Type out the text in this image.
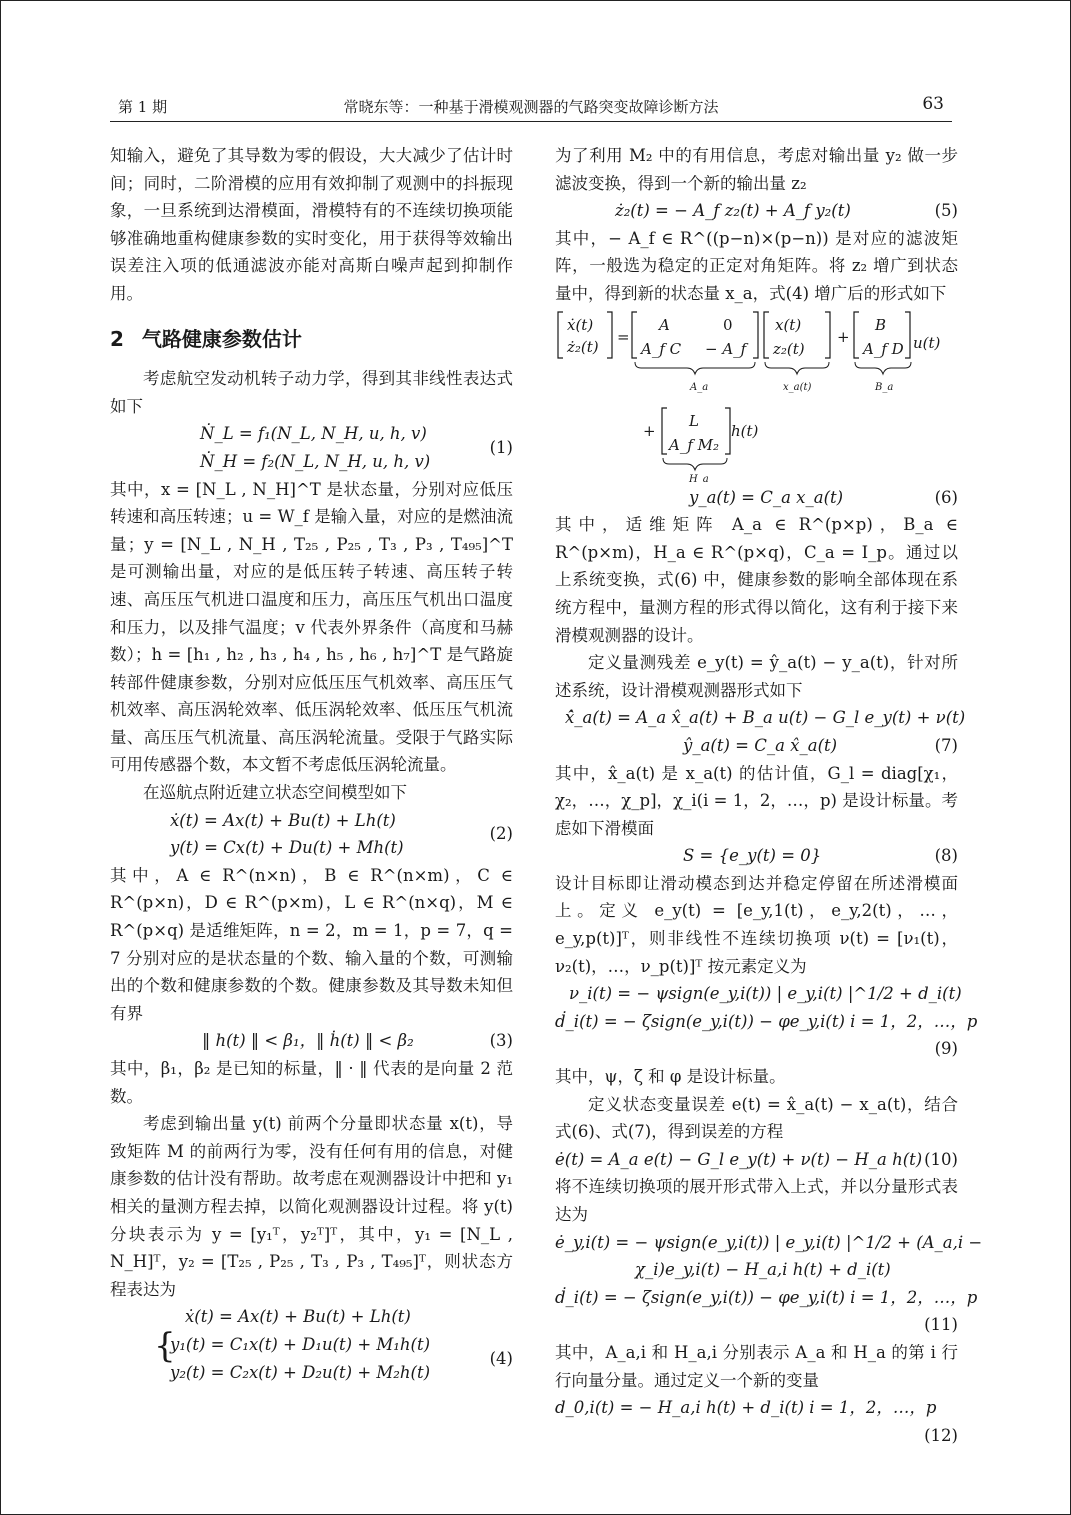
第 1 期	常晓东等：一种基于滑模观测器的气路突变故障诊断方法	63

知输入，避免了其导数为零的假设，大大减少了估计时间；同时，二阶滑模的应用有效抑制了观测中的抖振现象，一旦系统到达滑模面，滑模特有的不连续切换项能够准确地重构健康参数的实时变化，用于获得等效输出误差注入项的低通滤波亦能对高斯白噪声起到抑制作用。

2 气路健康参数估计

考虑航空发动机转子动力学，得到其非线性表达式如下

Ṅ_L = f₁(N_L, N_H, u, h, v)
Ṅ_H = f₂(N_L, N_H, u, h, v)
(1)

其中，x = [N_L , N_H]^T 是状态量，分别对应低压转速和高压转速；u = W_f 是输入量，对应的是燃油流量；y = [N_L , N_H , T₂₅ , P₂₅ , T₃ , P₃ , T₄₉₅]^T 是可测输出量，对应的是低压转子转速、高压转子转速、高压压气机进口温度和压力，高压压气机出口温度和压力，以及排气温度；v 代表外界条件（高度和马赫数）；h = [h₁ , h₂ , h₃ , h₄ , h₅ , h₆ , h₇]^T 是气路旋转部件健康参数，分别对应低压压气机效率、高压压气机效率、高压涡轮效率、低压涡轮效率、低压压气机流量、高压压气机流量、高压涡轮流量。受限于气路实际可用传感器个数，本文暂不考虑低压涡轮流量。

在巡航点附近建立状态空间模型如下

ẋ(t) = Ax(t) + Bu(t) + Lh(t)
y(t) = Cx(t) + Du(t) + Mh(t)
(2)

其中，A ∈ R^(n×n)，B ∈ R^(n×m)，C ∈ R^(p×n)，D ∈ R^(p×m)，L ∈ R^(n×q)，M ∈ R^(p×q) 是适维矩阵，n = 2，m = 1，p = 7，q = 7 分别对应的是状态量的个数、输入量的个数，可测输出的个数和健康参数的个数。健康参数及其导数未知但有界

‖ h(t) ‖ < β₁，‖ ḣ(t) ‖ < β₂	(3)

其中，β₁，β₂ 是已知的标量，‖ · ‖ 代表的是向量 2 范数。

考虑到输出量 y(t) 前两个分量即状态量 x(t)，导致矩阵 M 的前两行为零，没有任何有用的信息，对健康参数的估计没有帮助。故考虑在观测器设计中把和 y₁ 相关的量测方程去掉，以简化观测器设计过程。将 y(t) 分块表示为 y = [y₁ᵀ，y₂ᵀ]ᵀ，其中，y₁ = [N_L , N_H]ᵀ，y₂ = [T₂₅ , P₂₅ , T₃ , P₃ , T₄₉₅]ᵀ，则状态方程表达为

ẋ(t) = Ax(t) + Bu(t) + Lh(t)
{
y₁(t) = C₁x(t) + D₁u(t) + M₁h(t)
y₂(t) = C₂x(t) + D₂u(t) + M₂h(t)
(4)

为了利用 M₂ 中的有用信息，考虑对输出量 y₂ 做一步滤波变换，得到一个新的输出量 z₂

ż₂(t) = − A_f z₂(t) + A_f y₂(t)	(5)

其中，− A_f ∈ R^((p−n)×(p−n)) 是对应的滤波矩阵，一般选为稳定的正定对角矩阵。将 z₂ 增广到状态量中，得到新的状态量 x_a，式(4) 增广后的形式如下

ẋ(t)
ż₂(t)
=
A	0
A_f C − A_f
A_a
x(t)
z₂(t)
x_a(t)
+
B
A_f D
B_a
u(t)
+
L
A_f M₂
H_a
h(t)
y_a(t) = C_a x_a(t)	(6)

其中，适维矩阵 A_a ∈ R^(p×p)，B_a ∈ R^(p×m)，H_a ∈ R^(p×q)，C_a = I_p。通过以上系统变换，式(6) 中，健康参数的影响全部体现在系统方程中，量测方程的形式得以简化，这有利于接下来滑模观测器的设计。

定义量测残差 e_y(t) = ŷ_a(t) − y_a(t)，针对所述系统，设计滑模观测器形式如下

x̂̇_a(t) = A_a x̂_a(t) + B_a u(t) − G_l e_y(t) + ν(t)
ŷ_a(t) = C_a x̂_a(t)	(7)

其中，x̂_a(t) 是 x_a(t) 的估计值，G_l = diag[χ₁，χ₂，…，χ_p]，χ_i(i = 1，2，…，p) 是设计标量。考虑如下滑模面

S = {e_y(t) = 0}	(8)

设计目标即让滑动模态到达并稳定停留在所述滑模面上。定义 e_y(t) = [e_y,1(t)，e_y,2(t)，…，e_y,p(t)]ᵀ，则非线性不连续切换项 ν(t) = [ν₁(t)，ν₂(t)，…，ν_p(t)]ᵀ 按元素定义为

ν_i(t) = − ψsign(e_y,i(t)) | e_y,i(t) |^1/2 + d_i(t)
ḋ_i(t) = − ζsign(e_y,i(t)) − φe_y,i(t) i = 1，2，…，p
(9)

其中，ψ，ζ 和 φ 是设计标量。

定义状态变量误差 e(t) = x̂_a(t) − x_a(t)，结合式(6)、式(7)，得到误差的方程

ė(t) = A_a e(t) − G_l e_y(t) + ν(t) − H_a h(t) (10)

将不连续切换项的展开形式带入上式，并以分量形式表达为

ė_y,i(t) = − ψsign(e_y,i(t)) | e_y,i(t) |^1/2 + (A_a,i −
χ_i)e_y,i(t) − H_a,i h(t) + d_i(t)
ḋ_i(t) = − ζsign(e_y,i(t)) − φe_y,i(t) i = 1，2，…，p
(11)

其中，A_a,i 和 H_a,i 分别表示 A_a 和 H_a 的第 i 行行向量分量。通过定义一个新的变量

d_0,i(t) = − H_a,i h(t) + d_i(t) i = 1，2，…，p
(12)
